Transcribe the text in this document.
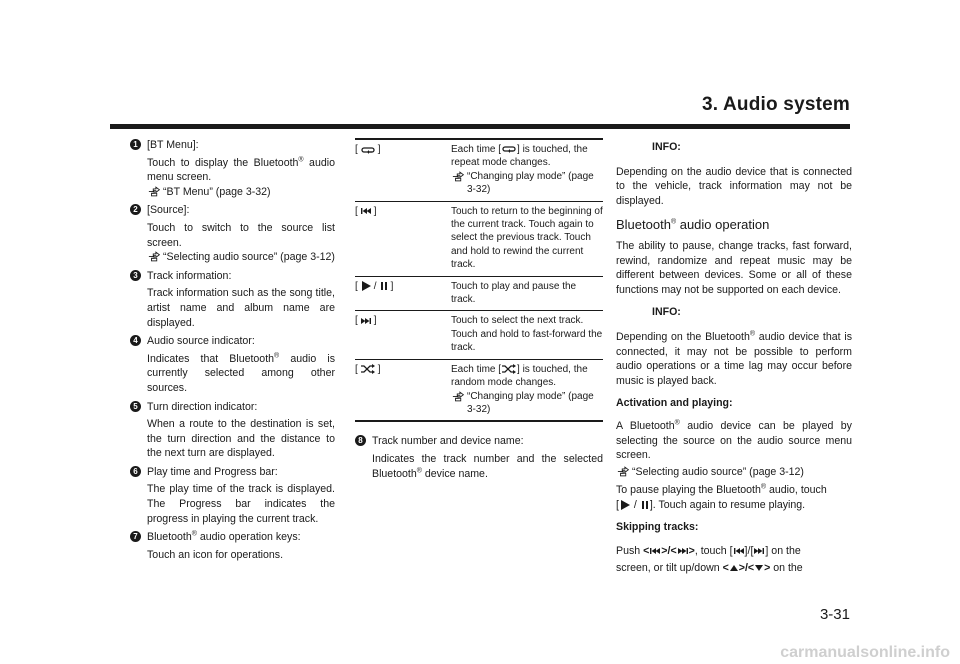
3. Audio system
1 [BT Menu]:
Touch to display the Bluetooth® audio menu screen.
“BT Menu” (page 3-32)
2 [Source]:
Touch to switch to the source list screen.
“Selecting audio source” (page 3-12)
3 Track information:
Track information such as the song title, artist name and album name are displayed.
4 Audio source indicator:
Indicates that Bluetooth® audio is currently selected among other sources.
5 Turn direction indicator:
When a route to the destination is set, the turn direction and the distance to the next turn are displayed.
6 Play time and Progress bar:
The play time of the track is displayed. The Progress bar indicates the progress in playing the current track.
7 Bluetooth® audio operation keys:
Touch an icon for operations.
[ ]	Each time [ ] is touched, the repeat mode changes.
“Changing play mode” (page 3-32)

[ ]	Touch to return to the beginning of the current track. Touch again to select the previous track. Touch and hold to rewind the current track.

[ / ]	Touch to play and pause the track.

[ ]	Touch to select the next track. Touch and hold to fast-forward the track.

[ ]	Each time [ ] is touched, the random mode changes.
“Changing play mode” (page 3-32)
8 Track number and device name:
Indicates the track number and the selected Bluetooth® device name.
INFO:

Depending on the audio device that is connected to the vehicle, track information may not be displayed.

Bluetooth® audio operation

The ability to pause, change tracks, fast forward, rewind, randomize and repeat music may be different between devices. Some or all of these functions may not be supported on each device.

INFO:

Depending on the Bluetooth® audio device that is connected, it may not be possible to perform audio operations or a time lag may occur before music is played back.

Activation and playing:

A Bluetooth® audio device can be played by selecting the source on the audio source menu screen.

“Selecting audio source” (page 3-12)

To pause playing the Bluetooth® audio, touch
[ / ]. Touch again to resume playing.

Skipping tracks:

Push < >/< >, touch [ ]/[ ] on the
screen, or tilt up/down < >/< > on the

3-31
carmanualsonline.info
